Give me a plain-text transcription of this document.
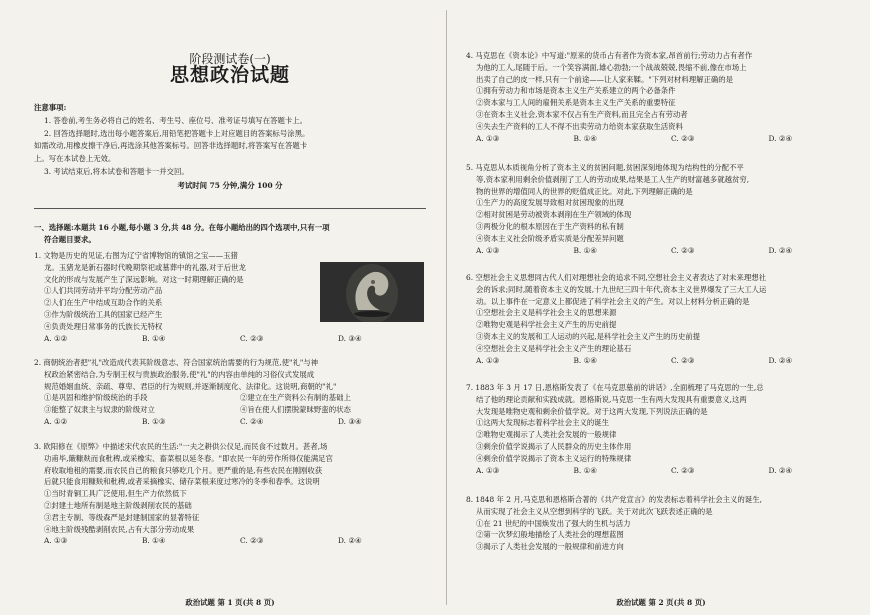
阶段测试卷(一)
思想政治试题

注意事项:

1. 答卷前,考生务必将自己的姓名、考生号、座位号、准考证号填写在答题卡上。

2. 回答选择题时,选出每小题答案后,用铅笔把答题卡上对应题目的答案标号涂黑。

如需改动,用橡皮擦干净后,再选涂其他答案标号。回答非选择题时,将答案写在答题卡

上。写在本试卷上无效。

3. 考试结束后,将本试卷和答题卡一并交回。

考试时间 75 分钟,满分 100 分

一、选择题:本题共 16 小题,每小题 3 分,共 48 分。在每小题给出的四个选项中,只有一项

符合题目要求。

1. 文物是历史的见证,右图为辽宁省博物馆的镇馆之宝——玉猪

龙。玉猪龙是新石器时代晚期祭祀或墓葬中的礼器,对于后世龙

文化的形成与发展产生了深远影响。对这一时期理解正确的是

①人们共同劳动并平均分配劳动产品

②人们在生产中结成互助合作的关系

③作为阶级统治工具的国家已经产生

④负责处理日常事务的氏族长无特权

A. ①②	B. ①④	C. ②③	D. ③④

2. 商朝统治者把"礼"改造成代表其阶级意志、符合国家统治需要的行为规范,使"礼"与神

权政治紧密结合,为专制王权与贵族政治服务,使"礼"的内容由单纯的习俗仪式发展成

规范婚姻血统、亲疏、尊卑、君臣的行为规则,并逐渐制度化、法律化。这说明,商朝的"礼"

①是巩固和维护阶级统治的手段	②建立在生产资料公有制的基础上
③能整了奴隶主与奴隶的阶级对立	④旨在使人们摆脱蒙昧野蛮的状态
A. ①②	B. ①③	C. ②④	D. ③④

3. 欧阳修在《原弊》中描述宋代农民的生活:"一夫之耕供公仪足,而民食不过数月。甚者,场

功甫毕,簸糠麸而食秕稗,或采橡实、畜菜根以延冬春。"即农民一年的劳作所得仅能满足官

府收取地租的需要,而农民自己的粮食只够吃几个月。更严重的是,有些农民在刚刚收获

后就只能食用糠麸和秕稗,或者采摘橡实、储存菜根来度过寒冷的冬季和春季。这说明

①当时青铜工具广泛使用,但生产力依然低下

②封建土地所有制是地主阶级剥削农民的基础

③君主专制、等级森严是封建制国家的显著特征

④地主阶级残酷剥削农民,占有大部分劳动成果

A. ①③	B. ①④	C. ②③	D. ②④
政治试题 第 1 页(共 8 页)

4. 马克思在《资本论》中写道:"原来的货币占有者作为资本家,昂首前行;劳动力占有者作

为他的工人,尾随于后。一个笑容满面,雄心勃勃;一个战战兢兢,畏缩不前,像在市场上

出卖了自己的皮一样,只有一个前途——让人家来鞣。"下列对材料理解正确的是

①拥有劳动力和市场是资本主义生产关系建立的两个必备条件

②资本家与工人间的雇佣关系是资本主义生产关系的重要特征

③在资本主义社会,资本家不仅占有生产资料,而且完全占有劳动者

④失去生产资料的工人不得不出卖劳动力给资本家获取生活资料

A. ①③	B. ①④	C. ②③	D. ②④

5. 马克思从本质视角分析了资本主义的贫困问题,贫困深刻地体现为结构性的分配不平

等,资本家利用剩余价值剥削了工人的劳动成果,结果是工人生产的财富越多就越贫穷,

物的世界的增值同人的世界的贬值成正比。对此,下列理解正确的是

①生产力的高度发展导致相对贫困现象的出现

②相对贫困是劳动被资本剥削在生产领域的体现

③两极分化的根本原因在于生产资料的私有制

④资本主义社会阶级矛盾实质是分配差异问题

A. ①③	B. ①④	C. ②③	D. ②④

6. 空想社会主义思想同古代人们对理想社会的追求不同,空想社会主义者表达了对未来理想社

会的诉求;同时,随着资本主义的发展,十九世纪三四十年代,资本主义世界爆发了三大工人运

动。以上事件在一定意义上都促进了科学社会主义的产生。对以上材料分析正确的是

①空想社会主义是科学社会主义的思想来源

②唯物史观是科学社会主义产生的历史前提

③资本主义的发展和工人运动的兴起,是科学社会主义产生的历史前提

④空想社会主义是科学社会主义产生的理论基石

A. ①③	B. ①④	C. ②③	D. ②④

7. 1883 年 3 月 17 日,恩格斯发表了《在马克思墓前的讲话》,全面梳理了马克思的一生,总

结了他的理论贡献和实践成就。恩格斯说,马克思一生有两大发现具有重要意义,这两

大发现是唯物史观和剩余价值学说。对于这两大发现,下列说法正确的是

①这两大发现标志着科学社会主义的诞生

②唯物史观揭示了人类社会发展的一般规律

③剩余价值学说揭示了人民群众的历史主体作用

④剩余价值学说揭示了资本主义运行的特殊规律

A. ①③	B. ①④	C. ②③	D. ②④

8. 1848 年 2 月,马克思和恩格斯合著的《共产党宣言》的发表标志着科学社会主义的诞生,

从而实现了社会主义从空想到科学的飞跃。关于对此次飞跃表述正确的是

①在 21 世纪的中国焕发出了强大的生机与活力

②第一次梦幻般地描绘了人类社会的理想蓝图

③揭示了人类社会发展的一般规律和前进方向

政治试题 第 2 页(共 8 页)
